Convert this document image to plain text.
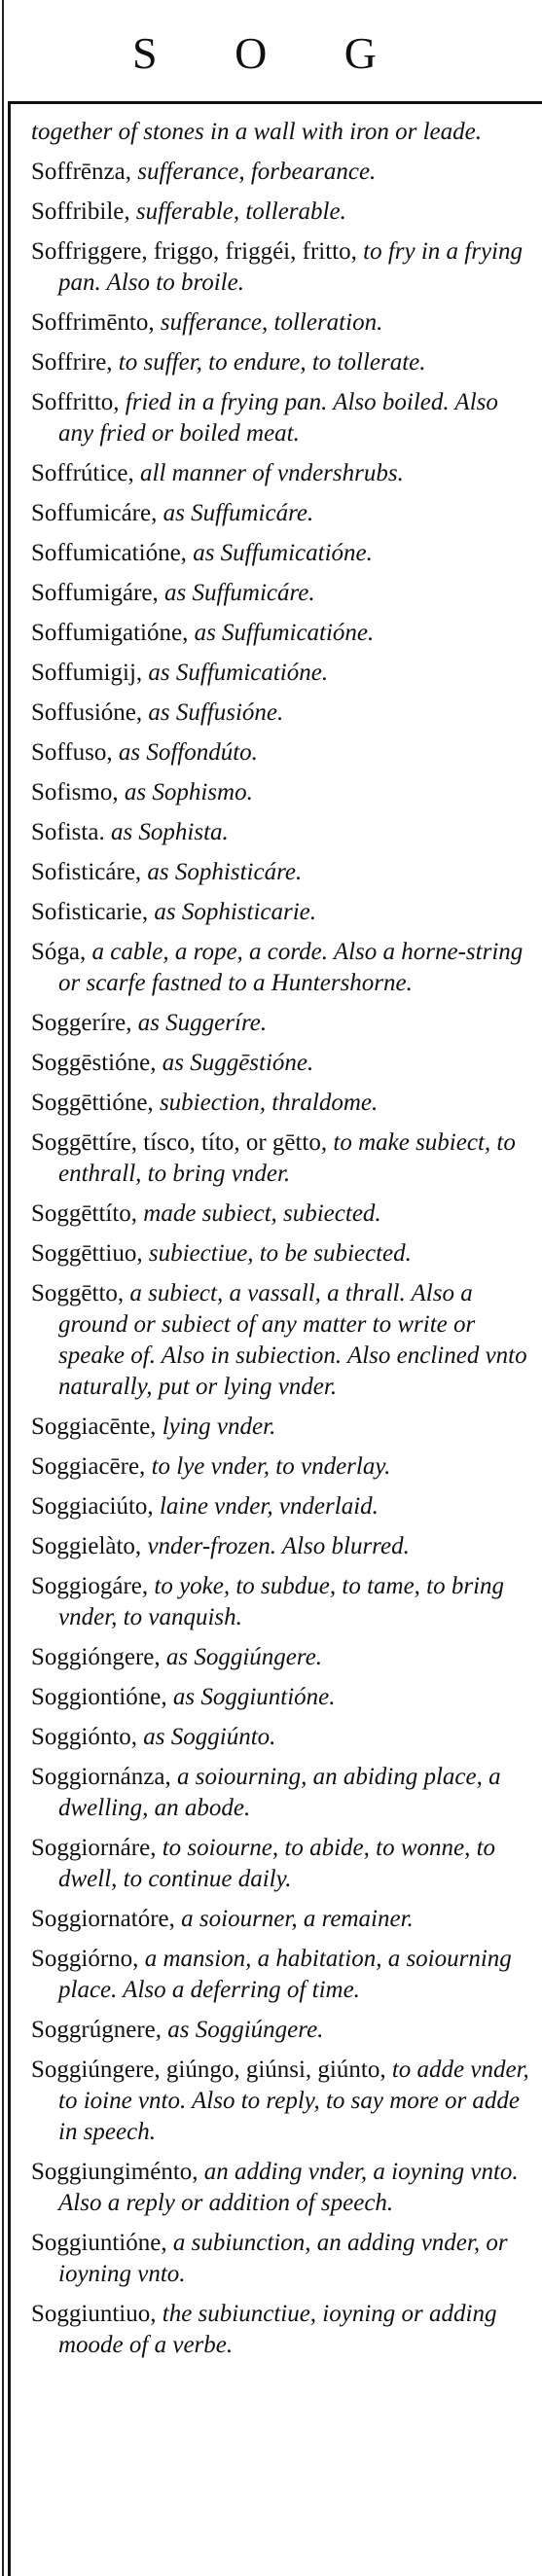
S O G
together of stones in a wall with iron or leade.
Soffrēnza, sufferance, forbearance.
Soffribile, sufferable, tollerable.
Soffriggere, friggo, friggéi, fritto, to fry in a frying pan. Also to broile.
Soffrimēnto, sufferance, tolleration.
Soffrire, to suffer, to endure, to tollerate.
Soffritto, fried in a frying pan. Also boiled. Also any fried or boiled meat.
Soffrútice, all manner of vndershrubs.
Soffumicáre, as Suffumicáre.
Soffumicatióne, as Suffumicatióne.
Soffumigáre, as Suffumicáre.
Soffumigatióne, as Suffumicatióne.
Soffumigij, as Suffumicatióne.
Soffusióne, as Suffusióne.
Soffuso, as Soffondúto.
Sofismo, as Sophismo.
Sofista. as Sophista.
Sofisticáre, as Sophisticáre.
Sofisticarie, as Sophisticarie.
Sóga, a cable, a rope, a corde. Also a horne-string or scarfe fastned to a Huntershorne.
Soggeríre, as Suggeríre.
Soggēstióne, as Suggēstióne.
Soggēttióne, subiection, thraldome.
Soggēttíre, tísco, títo, or gētto, to make subiect, to enthrall, to bring vnder.
Soggēttíto, made subiect, subiected.
Soggēttiuo, subiectiue, to be subiected.
Soggētto, a subiect, a vassall, a thrall. Also a ground or subiect of any matter to write or speake of. Also in subiection. Also enclined vnto naturally, put or lying vnder.
Soggiacēnte, lying vnder.
Soggiacēre, to lye vnder, to vnderlay.
Soggiaciúto, laine vnder, vnderlaid.
Soggielàto, vnder-frozen. Also blurred.
Soggiogáre, to yoke, to subdue, to tame, to bring vnder, to vanquish.
Soggióngere, as Soggiúngere.
Soggiontióne, as Soggiuntióne.
Soggiónto, as Soggiúnto.
Soggiornánza, a soiourning, an abiding place, a dwelling, an abode.
Soggiornáre, to soiourne, to abide, to wonne, to dwell, to continue daily.
Soggiornatóre, a soiourner, a remainer.
Soggiórno, a mansion, a habitation, a soiourning place. Also a deferring of time.
Soggrúgnere, as Soggiúngere.
Soggiúngere, giúngo, giúnsi, giúnto, to adde vnder, to ioine vnto. Also to reply, to say more or adde in speech.
Soggiungiménto, an adding vnder, a ioyning vnto. Also a reply or addition of speech.
Soggiuntióne, a subiunction, an adding vnder, or ioyning vnto.
Soggiuntiuo, the subiunctiue, ioyning or adding moode of a verbe.
